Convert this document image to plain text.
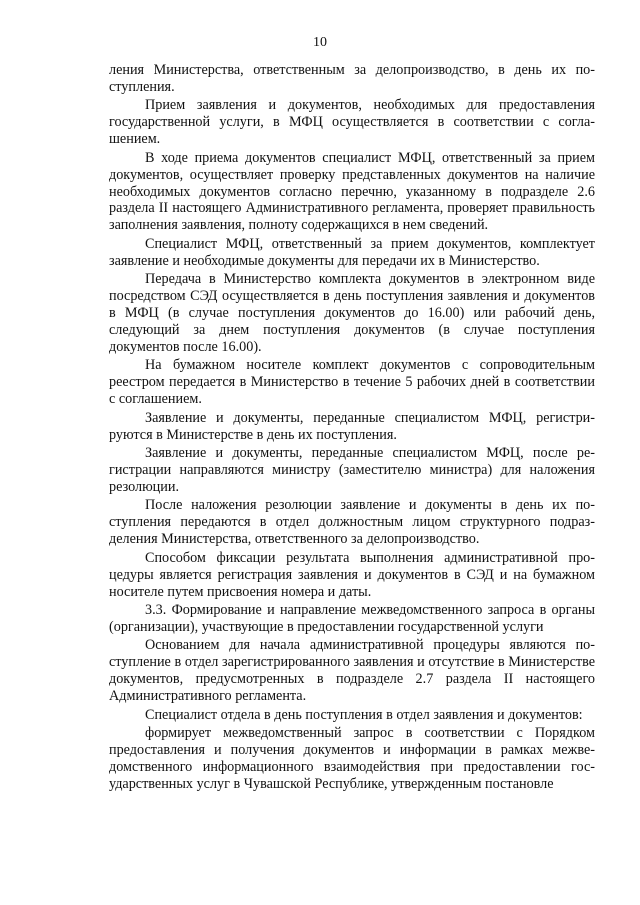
10

ления Министерства, ответственным за делопроизводство, в день их поступления.

Прием заявления и документов, необходимых для предоставления государственной услуги, в МФЦ осуществляется в соответствии с соглашением.

В ходе приема документов специалист МФЦ, ответственный за прием документов, осуществляет проверку представленных документов на наличие необходимых документов согласно перечню, указанному в подразделе 2.6 раздела II настоящего Административного регламента, проверяет правильность заполнения заявления, полноту содержащихся в нем сведений.

Специалист МФЦ, ответственный за прием документов, комплектует заявление и необходимые документы для передачи их в Министерство.

Передача в Министерство комплекта документов в электронном виде посредством СЭД осуществляется в день поступления заявления и документов в МФЦ (в случае поступления документов до 16.00) или рабочий день, следующий за днем поступления документов (в случае поступления документов после 16.00).

На бумажном носителе комплект документов с сопроводительным реестром передается в Министерство в течение 5 рабочих дней в соответствии с соглашением.

Заявление и документы, переданные специалистом МФЦ, регистрируются в Министерстве в день их поступления.

Заявление и документы, переданные специалистом МФЦ, после регистрации направляются министру (заместителю министра) для наложения резолюции.

После наложения резолюции заявление и документы в день их поступления передаются в отдел должностным лицом структурного подразделения Министерства, ответственного за делопроизводство.

Способом фиксации результата выполнения административной процедуры является регистрация заявления и документов в СЭД и на бумажном носителе путем присвоения номера и даты.

3.3. Формирование и направление межведомственного запроса в органы (организации), участвующие в предоставлении государственной услуги

Основанием для начала административной процедуры являются поступление в отдел зарегистрированного заявления и отсутствие в Министерстве документов, предусмотренных в подразделе 2.7 раздела II настоящего Административного регламента.

Специалист отдела в день поступления в отдел заявления и документов:

формирует межведомственный запрос в соответствии с Порядком предоставления и получения документов и информации в рамках межведомственного информационного взаимодействия при предоставлении государственных услуг в Чувашской Республике, утвержденным постановле
